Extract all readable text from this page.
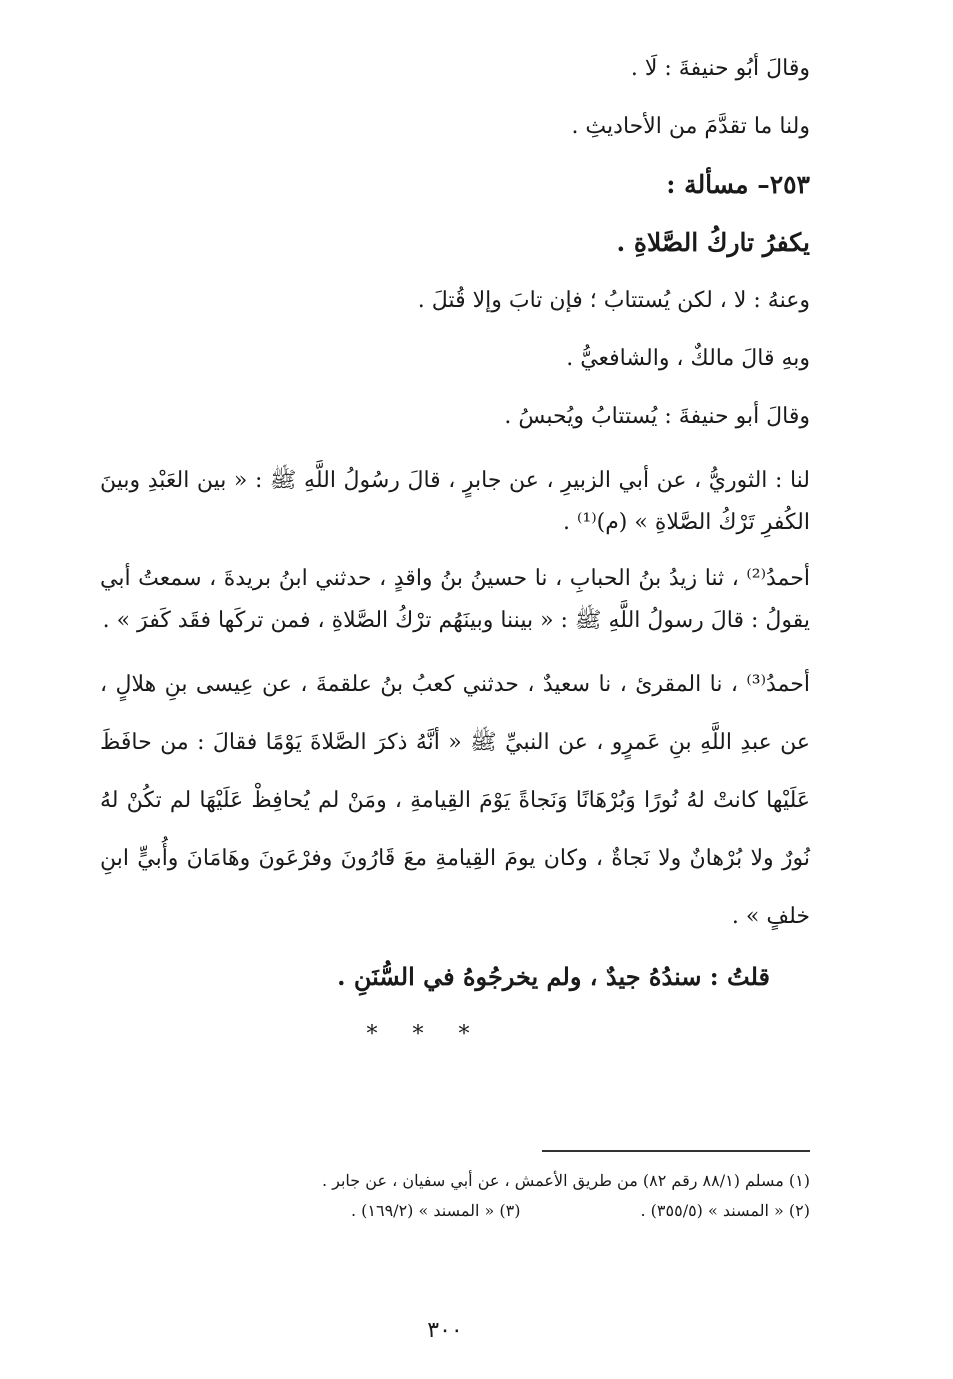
وقالَ أبُو حنيفةَ : لَا .

ولنا ما تقدَّمَ من الأحاديثِ .

٢٥٣– مسألة :

يكفرُ تاركُ الصَّلاةِ .

وعنهُ : لا ، لكن يُستتابُ ؛ فإن تابَ وإلا قُتلَ .

وبهِ قالَ مالكٌ ، والشافعيُّ .

وقالَ أبو حنيفةَ : يُستتابُ ويُحبسُ .

لنا : الثوريُّ ، عن أبي الزبيرِ ، عن جابرٍ ، قالَ رسُولُ اللَّهِ ﷺ : « بين العَبْدِ وبينَ الكُفرِ تَرْكُ الصَّلاةِ » (م)⁽¹⁾ .

أحمدُ⁽²⁾ ، ثنا زيدُ بنُ الحبابِ ، نا حسينُ بنُ واقدٍ ، حدثني ابنُ بريدةَ ، سمعتُ أبي يقولُ : قالَ رسولُ اللَّهِ ﷺ : « بيننا وبينَهُم ترْكُ الصَّلاةِ ، فمن تركَها فقَد كَفرَ » .

أحمدُ⁽³⁾ ، نا المقرئ ، نا سعيدٌ ، حدثني كعبُ بنُ علقمةَ ، عن عِيسى بنِ هلالٍ ، عن عبدِ اللَّهِ بنِ عَمرٍو ، عن النبيِّ ﷺ « أنَّهُ ذكرَ الصَّلاةَ يَوْمًا فقالَ : من حافَظَ عَلَيْها كانتْ لهُ نُورًا وَبُرْهَانًا وَنَجاةً يَوْمَ القِيامةِ ، ومَنْ لم يُحافِظْ عَلَيْهَا لم تكُنْ لهُ نُورٌ ولا بُرْهانٌ ولا نَجاةٌ ، وكان يومَ القِيامةِ معَ قَارُونَ وفرْعَونَ وهَامَانَ وأُبيٍّ ابنِ خلفٍ » .

قلتُ : سندُهُ جيدٌ ، ولم يخرجُوهُ في السُّنَنِ .

* * *
(١) مسلم (٨٨/١ رقم ٨٢) من طريق الأعمش ، عن أبي سفيان ، عن جابر .
(٢) « المسند » (٣٥٥/٥) .
(٣) « المسند » (١٦٩/٢) .
٣٠٠
